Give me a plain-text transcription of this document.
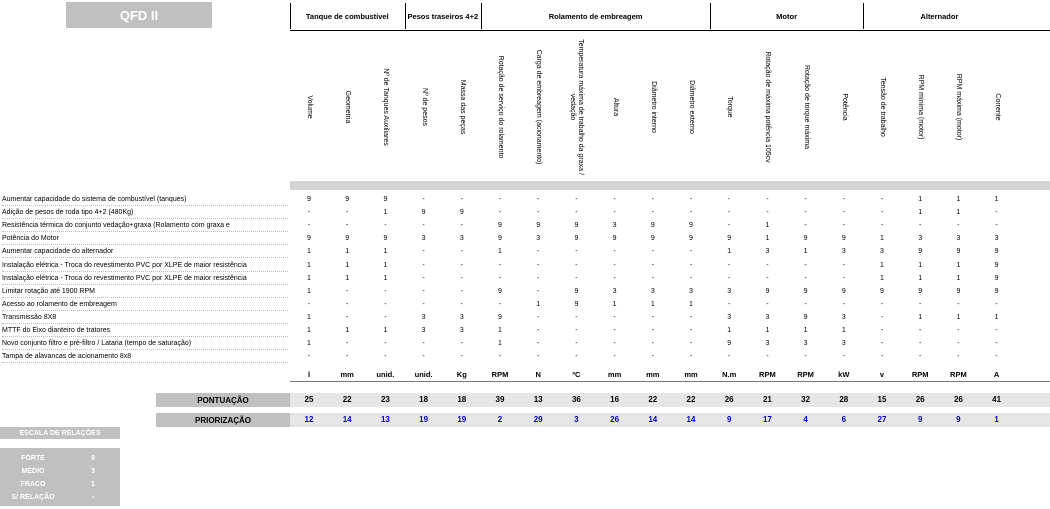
QFD II	Tanque de combustível	Pesos traseiros 4+2	Rolamento de embreagem	Motor	Alternador
Volume	Geometria	Nº de Tanques Auxiliares	Nº de pesos	Massa das peças	Rotação de serviço do rolamento	Carga de embreagem (acionamento)	Temperatura máxima de trabalho da graxa / vedação	Altura	Diâmetro interno	Diâmetro externo	Torque	Rotação de máxima potência 105cv	Rotação de torque máxima	Potência	Tensão de trabalho	RPM mínima (motor)	RPM máxima (motor)	Corrente
Aumentar capacidade do sistema de combustível (tanques)	9	9	9	-	-	-	-	-	-	-	-	-	-	-	-	-	1	1	1
Adição de pesos de roda tipo 4+2 (480Kg)	-	-	1	9	9	-	-	-	-	-	-	-	-	-	-	-	1	1	-
Resistência térmica do conjunto vedação+graxa (Rolamento com graxa e	-	-	-	-	-	9	9	9	3	9	9	-	1	-	-	-	-	-	-
Potência do Motor	9	9	9	3	3	9	3	9	9	9	9	9	1	9	9	1	3	3	3
Aumentar capacidade do alternador	1	1	1	-	-	1	-	-	-	-	-	1	3	1	3	3	9	9	9
Instalação elétrica - Troca do revestimento PVC por XLPE de maior resistência	1	1	1	-	-	-	-	-	-	-	-	-	-	-	-	1	1	1	9
Instalação elétrica - Troca do revestimento PVC por XLPE de maior resistência	1	1	1	-	-	-	-	-	-	-	-	-	-	-	-	1	1	1	9
Limitar rotação até 1900 RPM	1	-	-	-	-	9	-	9	3	3	3	3	9	9	9	9	9	9	9
Acesso ao rolamento de embreagem	-	-	-	-	-	-	1	9	1	1	1	-	-	-	-	-	-	-	-
Transmissão 8X8	1	-	-	3	3	9	-	-	-	-	-	3	3	9	3	-	1	1	1
MTTF do Eixo dianteiro de tratores	1	1	1	3	3	1	-	-	-	-	-	1	1	1	1	-	-	-	-
Novo conjunto filtro e pré-filtro / Lataria (tempo de saturação)	1	-	-	-	-	1	-	-	-	-	-	9	3	3	3	-	-	-	-
Tampa de alavancas de acionamento 8x8	-	-	-	-	-	-	-	-	-	-	-	-	-	-	-	-	-	-	-
l	mm	unid.	unid.	Kg	RPM	N	ºC	mm	mm	mm	N.m	RPM	RPM	kW	v	RPM	RPM	A
PONTUAÇÃO	25	22	23	18	18	39	13	36	16	22	22	26	21	32	28	15	26	26	41
PRIORIZAÇÃO	12	14	13	19	19	2	29	3	26	14	14	9	17	4	6	27	9	9	1
ESCALA DE RELAÇÕES
FORTE	9
MÉDIO	3
FRACO	1
S/ RELAÇÃO	-
